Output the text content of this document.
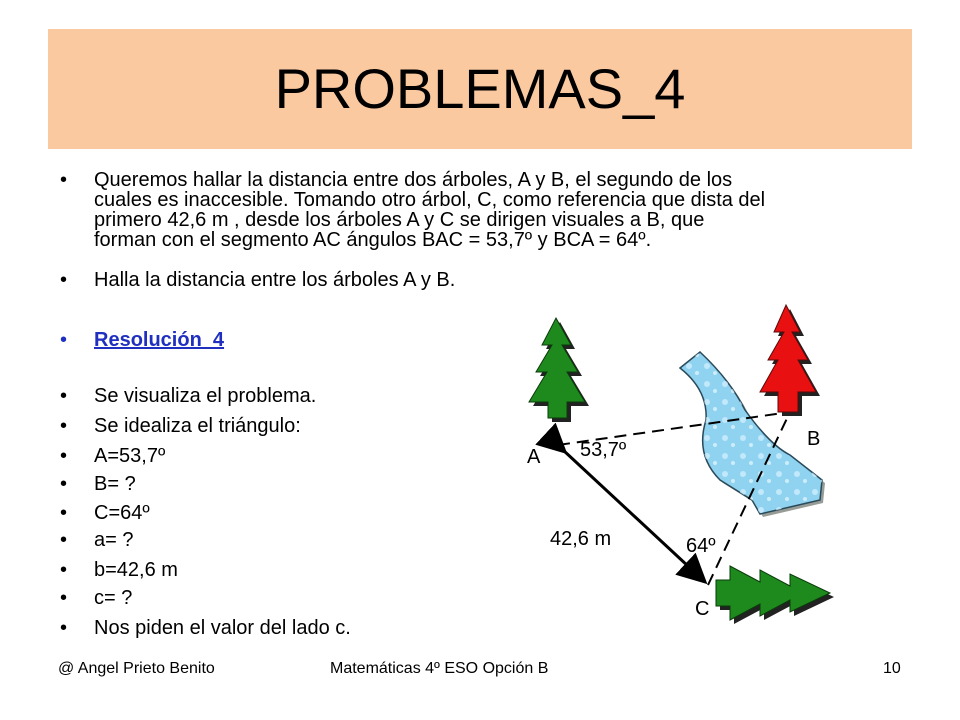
PROBLEMAS_4
• Queremos hallar la distancia entre dos árboles, A y B, el segundo de los
cuales es inaccesible. Tomando otro árbol, C, como referencia que dista del
primero 42,6 m , desde los árboles A y C se dirigen visuales a B, que
forman con el segmento AC ángulos BAC = 53,7º y BCA = 64º.
• Halla la distancia entre los árboles A y B.
• Resolución_4
• Se visualiza el problema.
• Se idealiza el triángulo:
• A=53,7º
• B= ?
• C=64º
• a= ?
• b=42,6 m
• c= ?
• Nos piden el valor del lado c.
A
B
C
53,7º
64º
42,6 m
@ Angel Prieto Benito	Matemáticas 4º ESO Opción B	10
